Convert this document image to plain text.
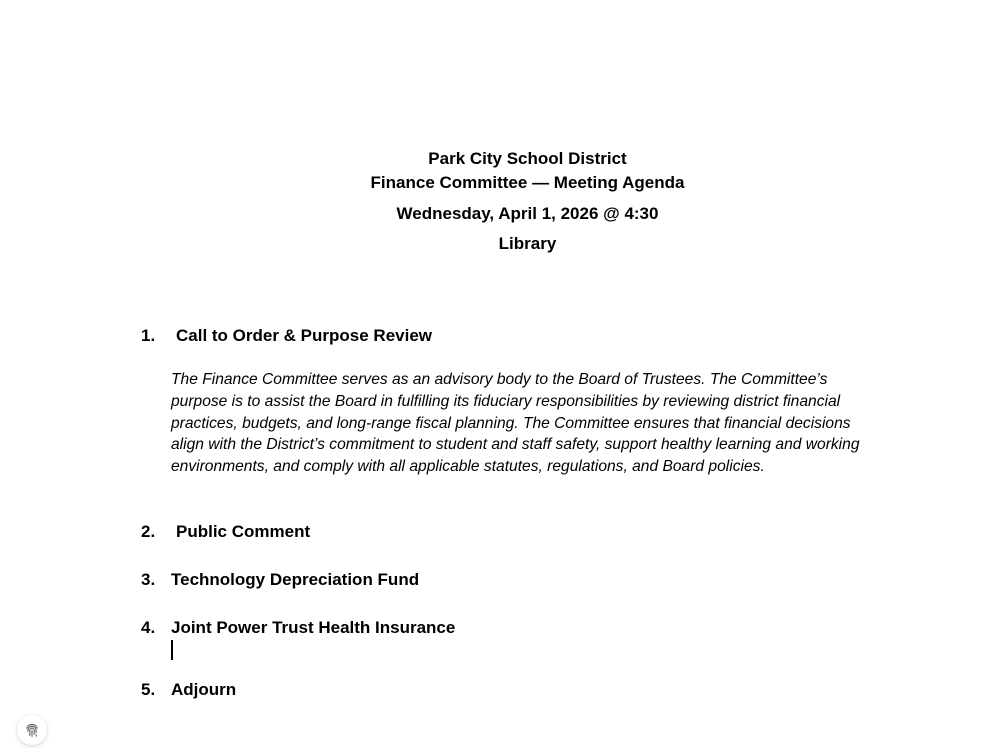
Park City School District
Finance Committee — Meeting Agenda
Wednesday, April 1, 2026 @ 4:30
Library
1. Call to Order & Purpose Review
The Finance Committee serves as an advisory body to the Board of Trustees. The Committee’s purpose is to assist the Board in fulfilling its fiduciary responsibilities by reviewing district financial practices, budgets, and long-range fiscal planning. The Committee ensures that financial decisions align with the District’s commitment to student and staff safety, support healthy learning and working environments, and comply with all applicable statutes, regulations, and Board policies.
2. Public Comment
3. Technology Depreciation Fund
4. Joint Power Trust Health Insurance
5. Adjourn
